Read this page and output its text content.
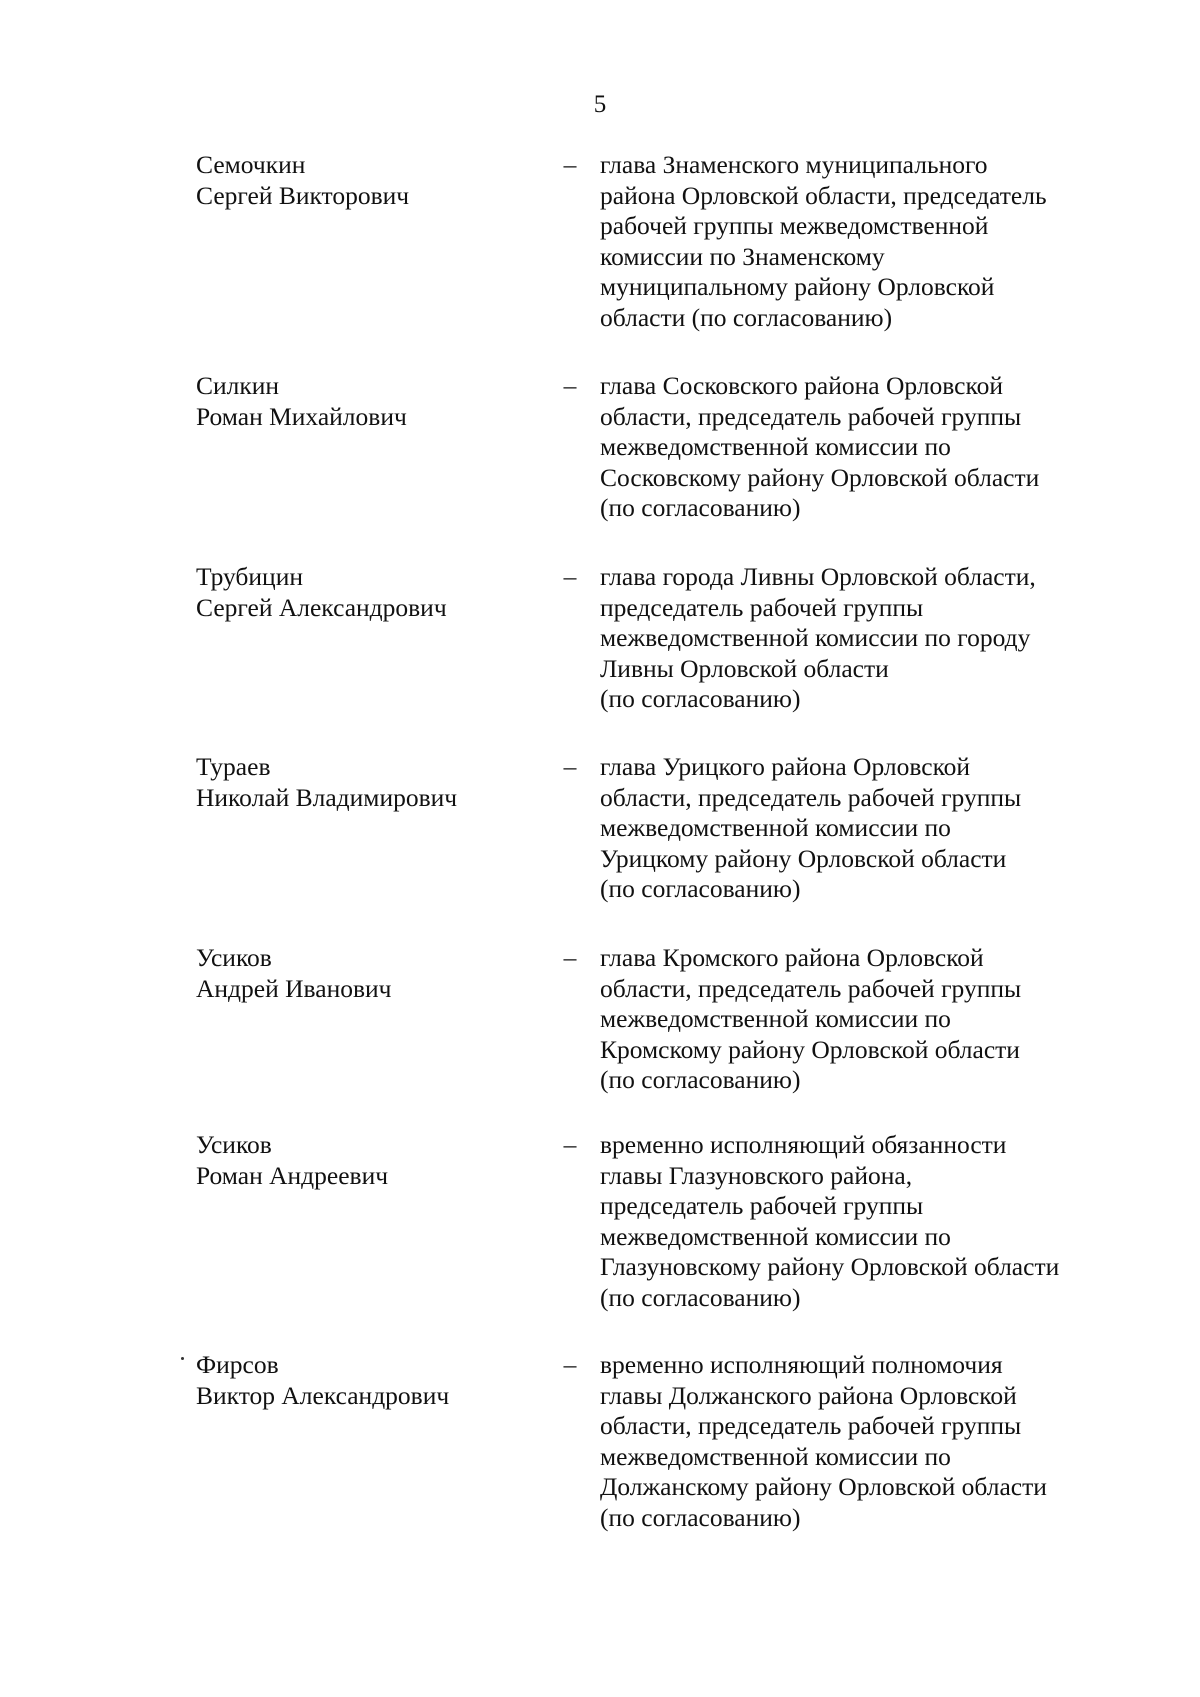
5
Семочкин
Сергей Викторович
– глава Знаменского муниципального
района Орловской области, председатель
рабочей группы межведомственной
комиссии по Знаменскому
муниципальному району Орловской
области (по согласованию)
Силкин
Роман Михайлович
– глава Сосковского района Орловской
области, председатель рабочей группы
межведомственной комиссии по
Сосковскому району Орловской области
(по согласованию)
Трубицин
Сергей Александрович
– глава города Ливны Орловской области,
председатель рабочей группы
межведомственной комиссии по городу
Ливны Орловской области
(по согласованию)
Тураев
Николай Владимирович
– глава Урицкого района Орловской
области, председатель рабочей группы
межведомственной комиссии по
Урицкому району Орловской области
(по согласованию)
Усиков
Андрей Иванович
– глава Кромского района Орловской
области, председатель рабочей группы
межведомственной комиссии по
Кромскому району Орловской области
(по согласованию)
Усиков
Роман Андреевич
– временно исполняющий обязанности
главы Глазуновского района,
председатель рабочей группы
межведомственной комиссии по
Глазуновскому району Орловской области
(по согласованию)
Фирсов
Виктор Александрович
– временно исполняющий полномочия
главы Должанского района Орловской
области, председатель рабочей группы
межведомственной комиссии по
Должанскому району Орловской области
(по согласованию)
